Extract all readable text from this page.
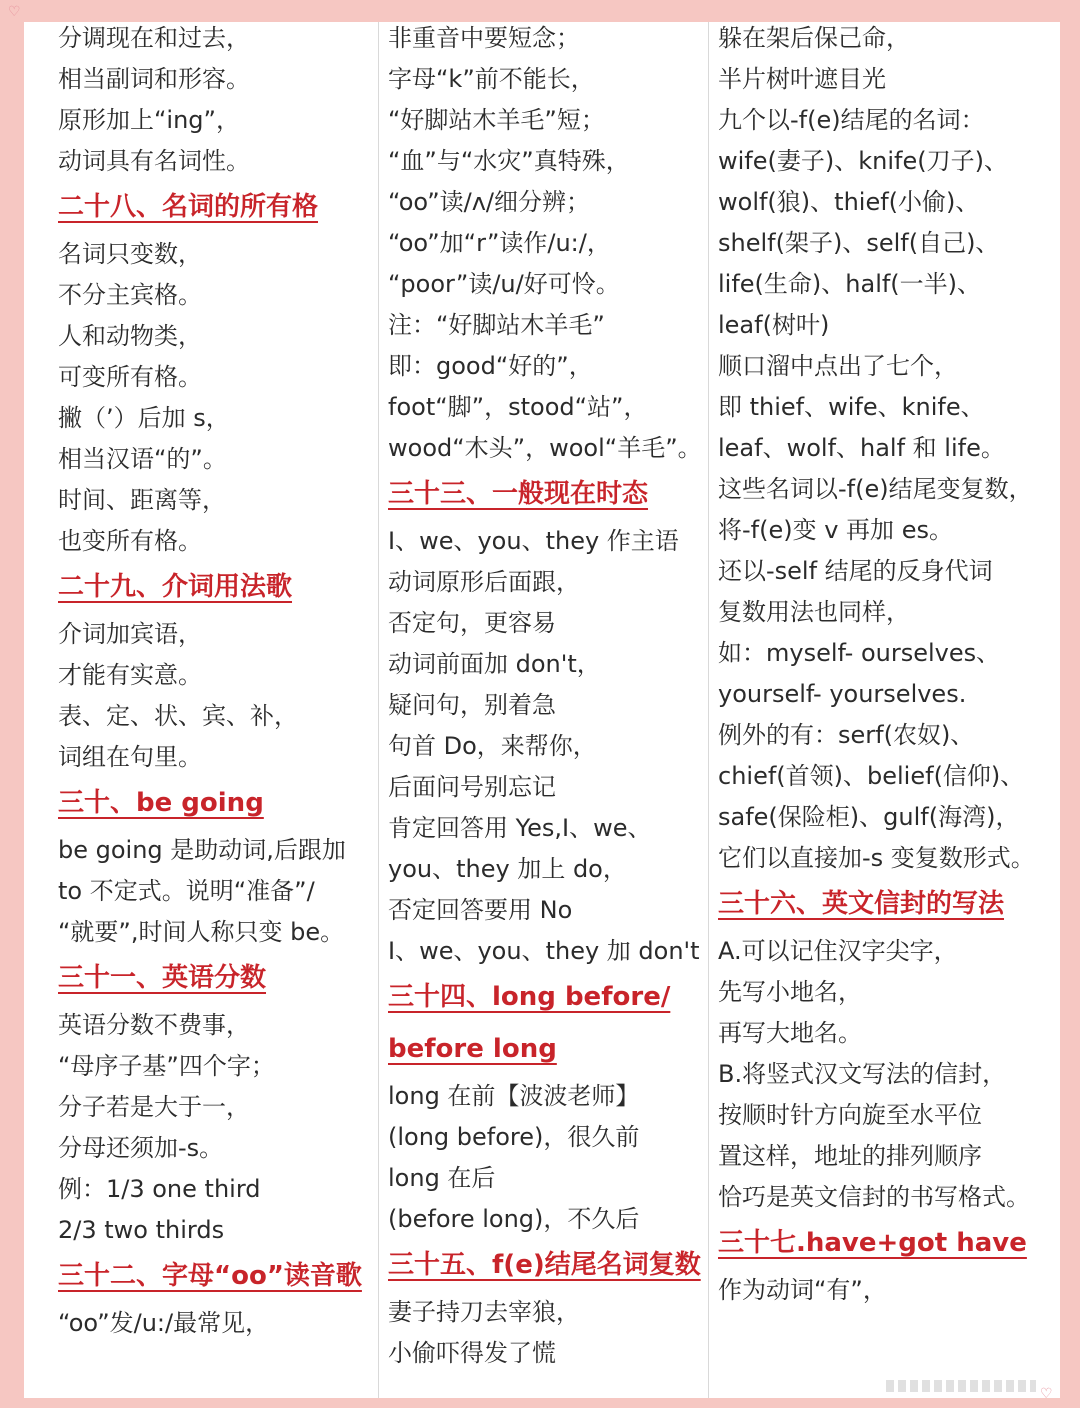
分调现在和过去，
相当副词和形容。
原形加上“ing”，
动词具有名词性。
二十八、名词的所有格
名词只变数，
不分主宾格。
人和动物类，
可变所有格。
撇（’）后加 s，
相当汉语“的”。
时间、距离等，
也变所有格。
二十九、介词用法歌
介词加宾语，
才能有实意。
表、定、状、宾、补，
词组在句里。
三十、be going
be going 是助动词,后跟加
to 不定式。说明“准备”/
“就要”,时间人称只变 be。
三十一、英语分数
英语分数不费事，
“母序子基”四个字；
分子若是大于一，
分母还须加-s。
例：1/3 one third
2/3 two thirds
三十二、字母“oo”读音歌
“oo”发/u:/最常见，
非重音中要短念；
字母“k”前不能长，
“好脚站木羊毛”短；
“血”与“水灾”真特殊，
“oo”读/ʌ/细分辨；
“oo”加“r”读作/u:/，
“poor”读/u/好可怜。
注：“好脚站木羊毛”
即：good“好的”，
foot“脚”，stood“站”，
wood“木头”，wool“羊毛”。
三十三、一般现在时态
I、we、you、they 作主语
动词原形后面跟，
否定句，更容易
动词前面加 don't，
疑问句，别着急
句首 Do，来帮你，
后面问号别忘记
肯定回答用 Yes,I、we、
you、they 加上 do，
否定回答要用 No
I、we、you、they 加 don't
三十四、long before/
before long
long 在前【波波老师】
(long before)，很久前
long 在后
(before long)，不久后
三十五、f(e)结尾名词复数
妻子持刀去宰狼，
小偷吓得发了慌
躲在架后保己命，
半片树叶遮目光
九个以-f(e)结尾的名词：
wife(妻子)、knife(刀子)、
wolf(狼)、thief(小偷)、
shelf(架子)、self(自己)、
life(生命)、half(一半)、
leaf(树叶)
顺口溜中点出了七个，
即 thief、wife、knife、
leaf、wolf、half 和 life。
这些名词以-f(e)结尾变复数，
将-f(e)变 v 再加 es。
还以-self 结尾的反身代词
复数用法也同样，
如：myself- ourselves、
yourself- yourselves.
例外的有：serf(农奴)、
chief(首领)、belief(信仰)、
safe(保险柜)、gulf(海湾)，
它们以直接加-s 变复数形式。
三十六、英文信封的写法
A.可以记住汉字尖字，
先写小地名，
再写大地名。
B.将竖式汉文写法的信封，
按顺时针方向旋至水平位
置这样，地址的排列顺序
恰巧是英文信封的书写格式。
三十七.have+got have
作为动词“有”，
♡
♡
